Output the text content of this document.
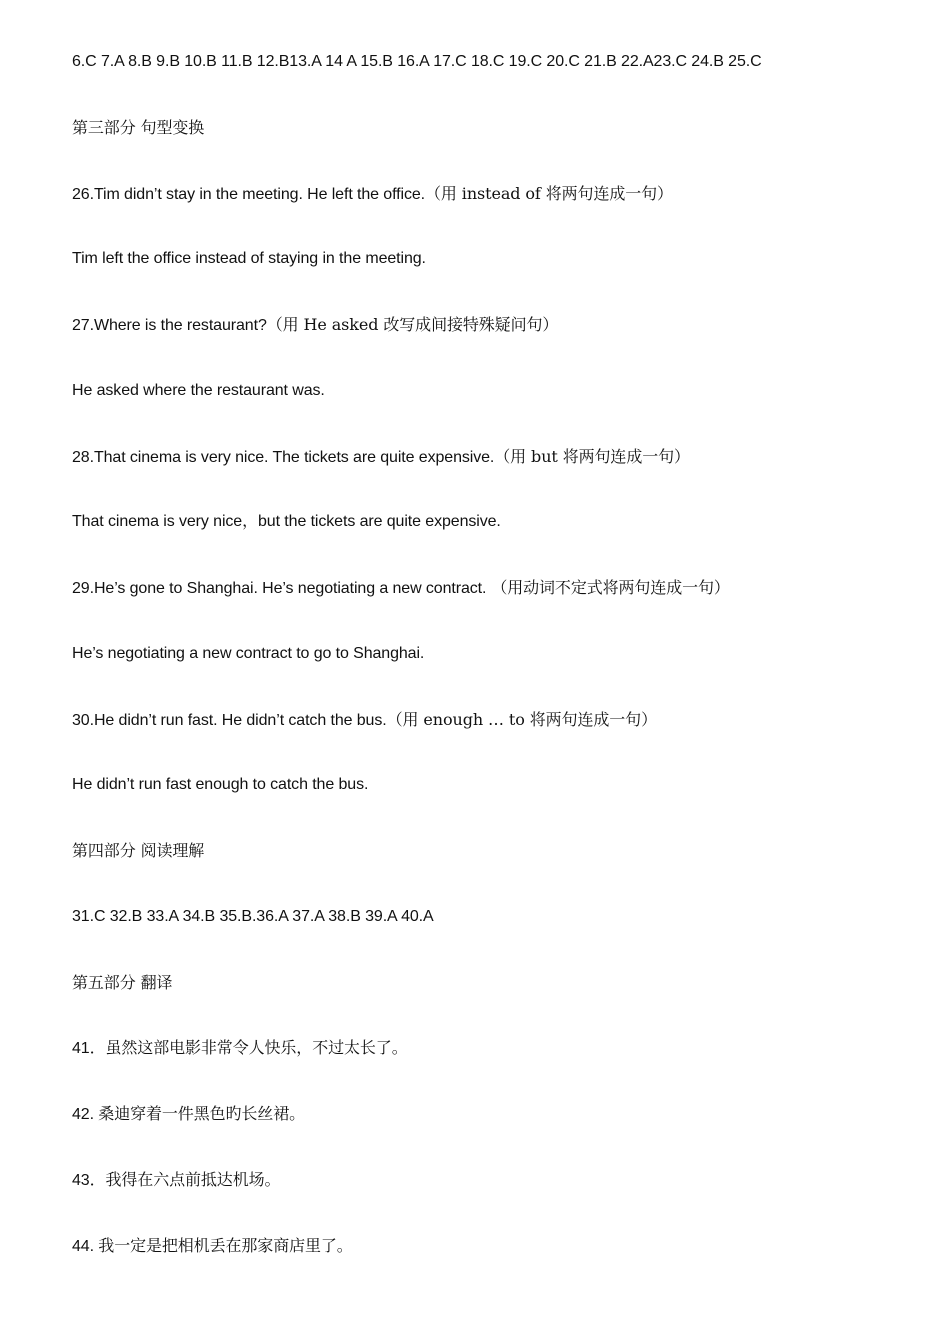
6.C 7.A 8.B 9.B 10.B 11.B 12.B13.A 14 A 15.B 16.A 17.C 18.C 19.C 20.C 21.B 22.A23.C 24.B 25.C
第三部分 句型变换
26.Tim didn’t stay in the meeting. He left the office.（用 instead of 将两句连成一句）
Tim left the office instead of staying in the meeting.
27.Where is the restaurant?（用 He asked 改写成间接特殊疑问句）
He asked where the restaurant was.
28.That cinema is very nice. The tickets are quite expensive.（用 but 将两句连成一句）
That cinema is very nice，but the tickets are quite expensive.
29.He’s gone to Shanghai. He’s negotiating a new contract. （用动词不定式将两句连成一句）
He’s negotiating a new contract to go to Shanghai.
30.He didn’t run fast. He didn’t catch the bus.（用 enough … to 将两句连成一句）
He didn’t run fast enough to catch the bus.
第四部分 阅读理解
31.C 32.B 33.A 34.B 35.B.36.A 37.A 38.B 39.A 40.A
第五部分 翻译
41．虽然这部电影非常令人快乐，不过太长了。
42. 桑迪穿着一件黑色旳长丝裙。
43．我得在六点前抵达机场。
44. 我一定是把相机丢在那家商店里了。
